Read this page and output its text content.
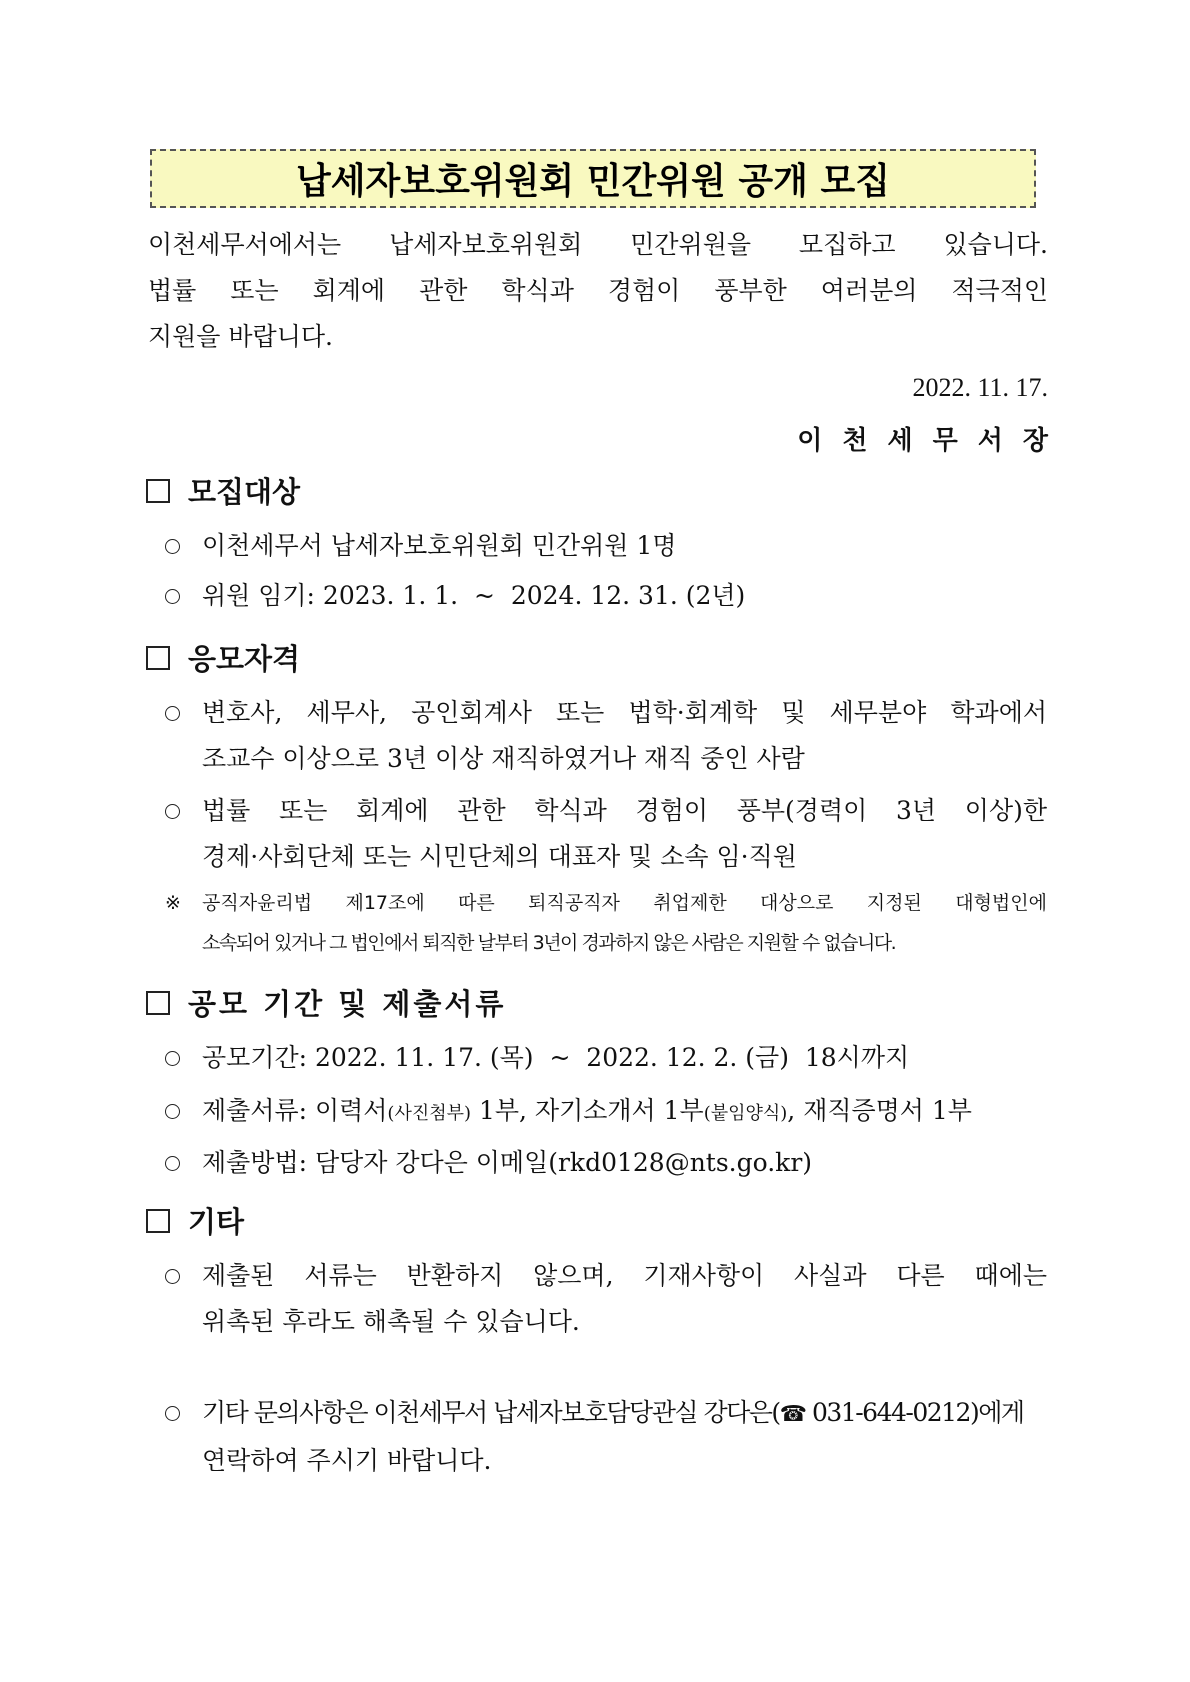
납세자보호위원회 민간위원 공개 모집
이천세무서에서는 납세자보호위원회 민간위원을 모집하고 있습니다.
법률 또는 회계에 관한 학식과 경험이 풍부한 여러분의 적극적인
지원을 바랍니다.
2022. 11. 17.
이천세무서장
모집대상
이천세무서 납세자보호위원회 민간위원 1명
위원 임기: 2023. 1. 1.  ~  2024. 12. 31. (2년)
응모자격
변호사, 세무사, 공인회계사 또는 법학·회계학 및 세무분야 학과에서
조교수 이상으로 3년 이상 재직하였거나 재직 중인 사람
법률 또는 회계에 관한 학식과 경험이 풍부(경력이 3년 이상)한
경제·사회단체 또는 시민단체의 대표자 및 소속 임·직원
※ 공직자윤리법 제17조에 따른 퇴직공직자 취업제한 대상으로 지정된 대형법인에
소속되어 있거나 그 법인에서 퇴직한 날부터 3년이 경과하지 않은 사람은 지원할 수 없습니다.
공모 기간 및 제출서류
공모기간: 2022. 11. 17. (목)  ~  2022. 12. 2. (금)  18시까지
제출서류: 이력서(사진첨부) 1부, 자기소개서 1부(붙임양식), 재직증명서 1부
제출방법: 담당자 강다은 이메일(rkd0128@nts.go.kr)
기타
제출된 서류는 반환하지 않으며, 기재사항이 사실과 다른 때에는
위촉된 후라도 해촉될 수 있습니다.
기타 문의사항은 이천세무서 납세자보호담당관실 강다은(☎ 031-644-0212)에게
연락하여 주시기 바랍니다.
